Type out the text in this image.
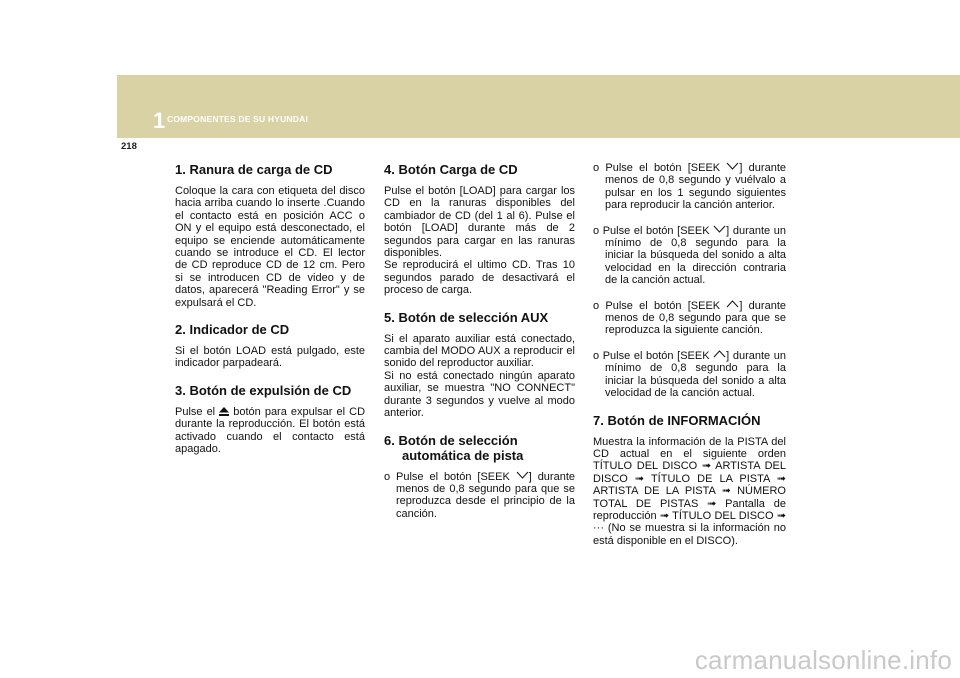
1 COMPONENTES DE SU HYUNDAI
218
1. Ranura de carga de CD

Coloque la cara con etiqueta del disco hacia arriba cuando lo inserte .Cuando el contacto está en posición ACC o ON y el equipo está desconectado, el equipo se enciende automáticamente cuando se introduce el CD. El lector de CD reproduce CD de 12 cm. Pero si se introducen CD de video y de datos, aparecerá "Reading Error" y se expulsará el CD.

2. Indicador de CD

Si el botón LOAD está pulgado, este indicador parpadeará.

3. Botón de expulsión de CD

Pulse el botón para expulsar el CD durante la reproducción. El botón está activado cuando el contacto está apagado.

4. Botón Carga de CD

Pulse el botón [LOAD] para cargar los CD en la ranuras disponibles del cambiador de CD (del 1 al 6). Pulse el botón [LOAD] durante más de 2 segundos para cargar en las ranuras disponibles.

Se reproducirá el ultimo CD. Tras 10 segundos parado de desactivará el proceso de carga.

5. Botón de selección AUX

Si el aparato auxiliar está conectado, cambia del MODO AUX a reproducir el sonido del reproductor auxiliar.

Si no está conectado ningún aparato auxiliar, se muestra "NO CONNECT" durante 3 segundos y vuelve al modo anterior.

6. Botón de selección automática de pista

o Pulse el botón [SEEK ] durante menos de 0,8 segundo para que se reproduzca desde el principio de la canción.

o Pulse el botón [SEEK ] durante menos de 0,8 segundo y vuélvalo a pulsar en los 1 segundo siguientes para reproducir la canción anterior.

o Pulse el botón [SEEK ] durante un mínimo de 0,8 segundo para la iniciar la búsqueda del sonido a alta velocidad en la dirección contraria de la canción actual.

o Pulse el botón [SEEK ] durante menos de 0,8 segundo para que se reproduzca la siguiente canción.

o Pulse el botón [SEEK ] durante un mínimo de 0,8 segundo para la iniciar la búsqueda del sonido a alta velocidad de la canción actual.

7. Botón de INFORMACIÓN

Muestra la información de la PISTA del CD actual en el siguiente orden TÍTULO DEL DISCO ➟ ARTISTA DEL DISCO ➟ TÍTULO DE LA PISTA ➟ ARTISTA DE LA PISTA ➟ NÚMERO TOTAL DE PISTAS ➟ Pantalla de reproducción ➟ TÍTULO DEL DISCO ➟ ··· (No se muestra si la información no está disponible en el DISCO).

carmanualsonline.info
